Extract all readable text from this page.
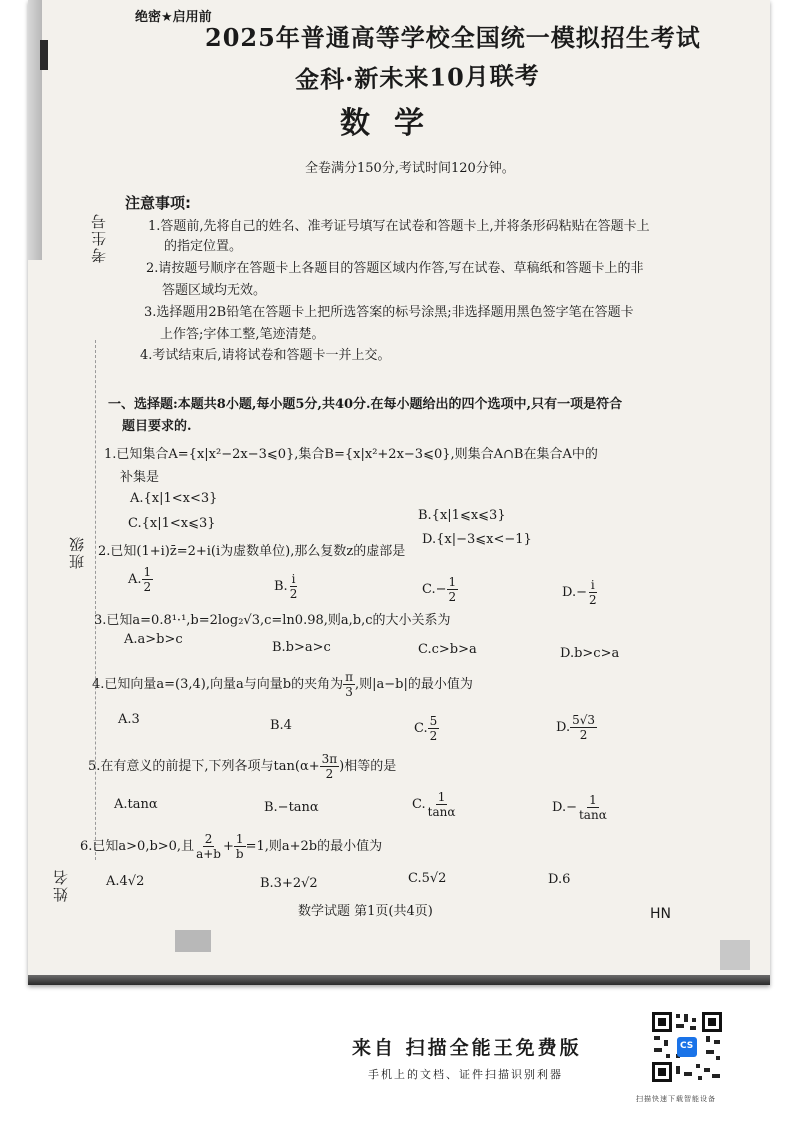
考生号
班级
姓名
绝密★启用前
2025年普通高等学校全国统一模拟招生考试
金科·新未来10月联考
数学
全卷满分150分,考试时间120分钟。
注意事项:
1.答题前,先将自己的姓名、准考证号填写在试卷和答题卡上,并将条形码粘贴在答题卡上
的指定位置。
2.请按题号顺序在答题卡上各题目的答题区域内作答,写在试卷、草稿纸和答题卡上的非
答题区域均无效。
3.选择题用2B铅笔在答题卡上把所选答案的标号涂黑;非选择题用黑色签字笔在答题卡
上作答;字体工整,笔迹清楚。
4.考试结束后,请将试卷和答题卡一并上交。
一、选择题:本题共8小题,每小题5分,共40分.在每小题给出的四个选项中,只有一项是符合
题目要求的.
1.已知集合A={x|x²−2x−3⩽0},集合B={x|x²+2x−3⩽0},则集合A∩B在集合A中的
补集是
A.{x|1<x<3}
B.{x|1⩽x⩽3}
C.{x|1<x⩽3}
D.{x|−3⩽x<−1}
2.已知(1+i)z̄=2+i(i为虚数单位),那么复数z的虚部是
A. $\frac{1}{2}$	B. $\frac{i}{2}$	$C.- \frac{1}{2}$	$D.- \frac{i}{2}$
3.已知a=0.8¹·¹,b=2log₂√3,c=ln0.98,则a,b,c的大小关系为
A.a>b>c
B.b>a>c	C.c>b>a	D.b>c>a
4.已知向量a=(3,4),向量a与向量b的夹角为 $\frac{\pi}{3}$ ,则|a−b|的最小值为
A.3	B.4	C. $\frac{5}{2}$	D. $\frac{5√3}{2}$
5.在有意义的前提下,下列各项与$\tan(\alpha+ \frac{3\pi}{2}$ )相等的是
A.tanα	B.−tanα	C. $\frac{1}{\tan\alpha}$	$D.- \frac{1}{\tan\alpha}$
6.已知a>0,b>0,且 $\frac{2}{a+b} + \frac{1}{b} =1$,则a+2b的最小值为
A.4√2	B.3+2√2	C.5√2	D.6
数学试题 第1页(共4页)	HN
来自 扫描全能王免费版
手机上的文档、证件扫描识别利器
CS
扫描快速下载智能设备
